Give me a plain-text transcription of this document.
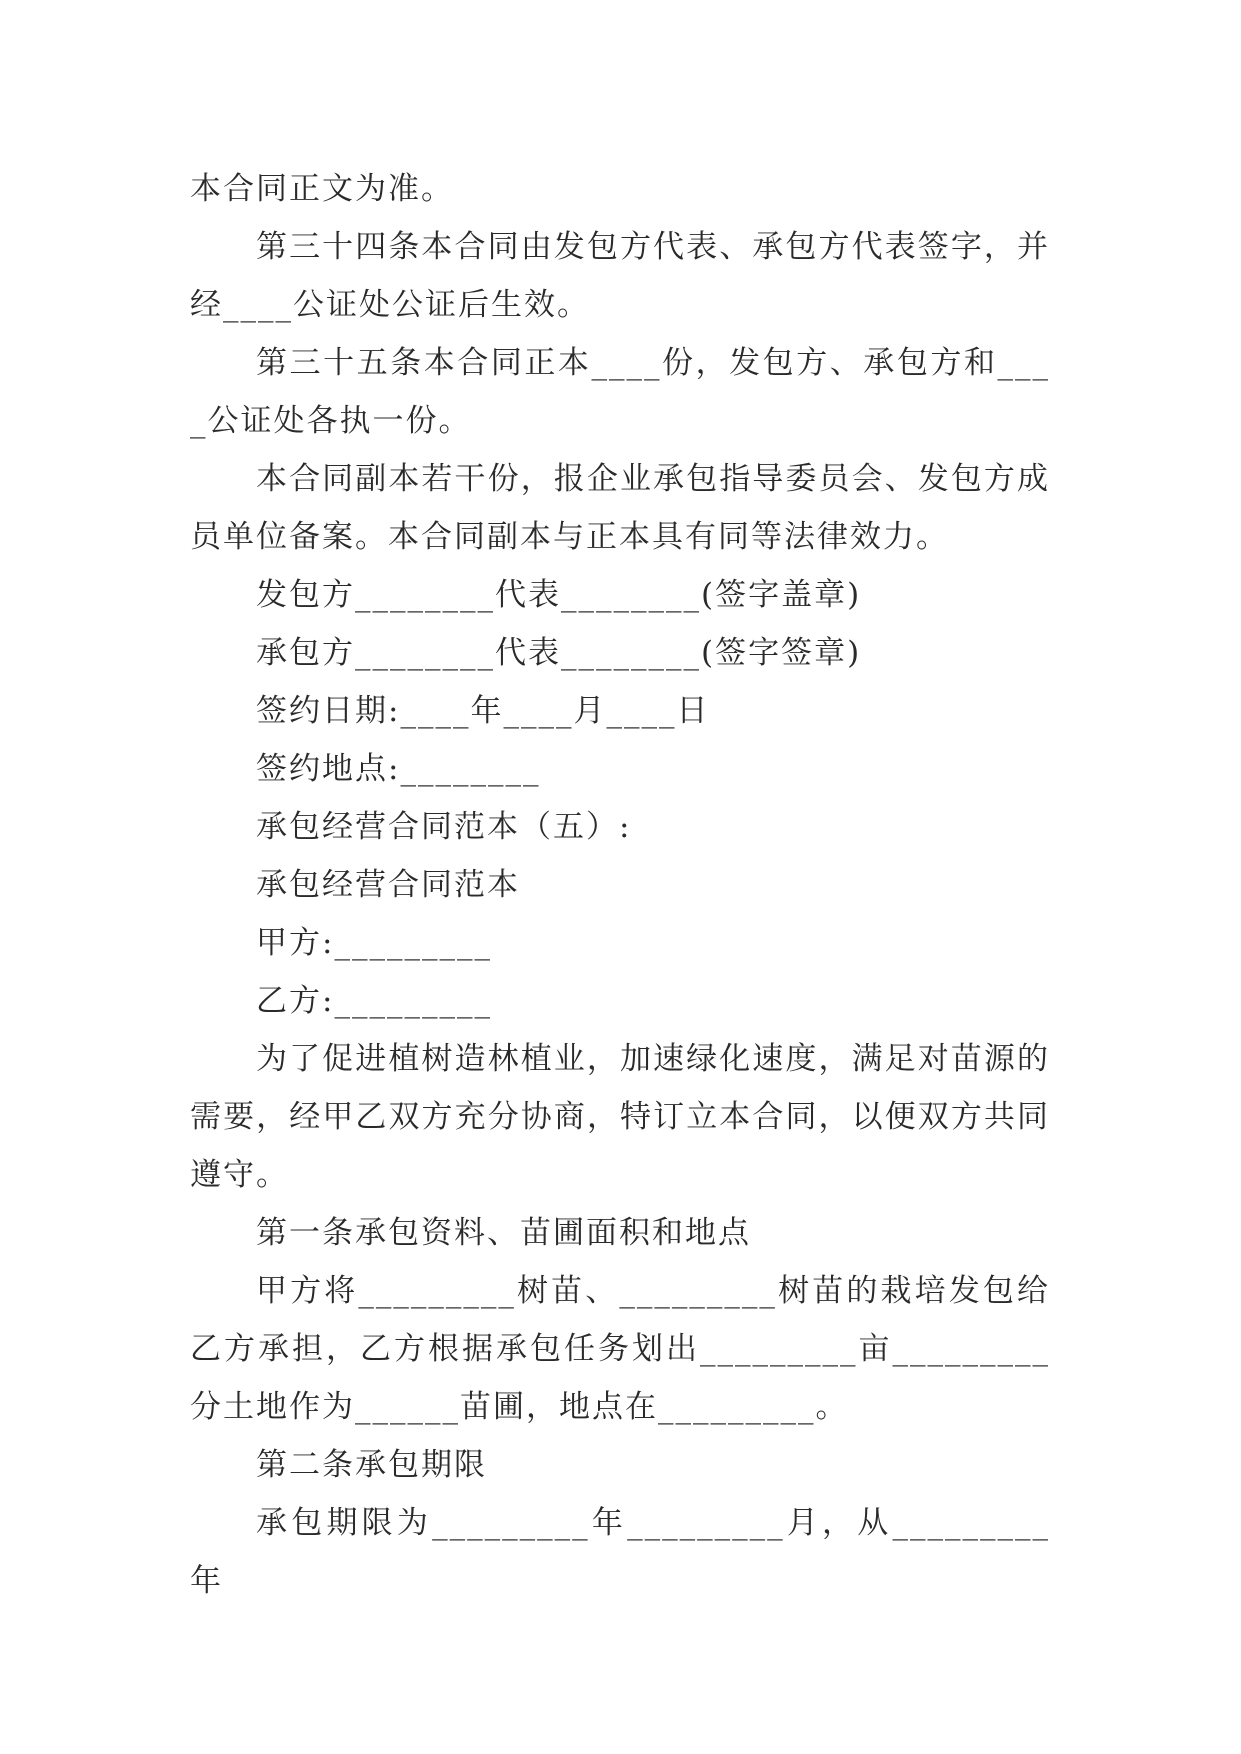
本合同正文为准。

第三十四条本合同由发包方代表、承包方代表签字，并经____公证处公证后生效。

第三十五条本合同正本____份，发包方、承包方和____公证处各执一份。

本合同副本若干份，报企业承包指导委员会、发包方成员单位备案。本合同副本与正本具有同等法律效力。

发包方________代表________(签字盖章)

承包方________代表________(签字签章)

签约日期:____年____月____日

签约地点:________

承包经营合同范本（五）:

承包经营合同范本

甲方:_________

乙方:_________

为了促进植树造林植业，加速绿化速度，满足对苗源的需要，经甲乙双方充分协商，特订立本合同，以便双方共同遵守。

第一条承包资料、苗圃面积和地点

甲方将_________树苗、_________树苗的栽培发包给乙方承担，乙方根据承包任务划出_________亩_________分土地作为______苗圃，地点在_________。

第二条承包期限

承包期限为_________年_________月，从_________年
